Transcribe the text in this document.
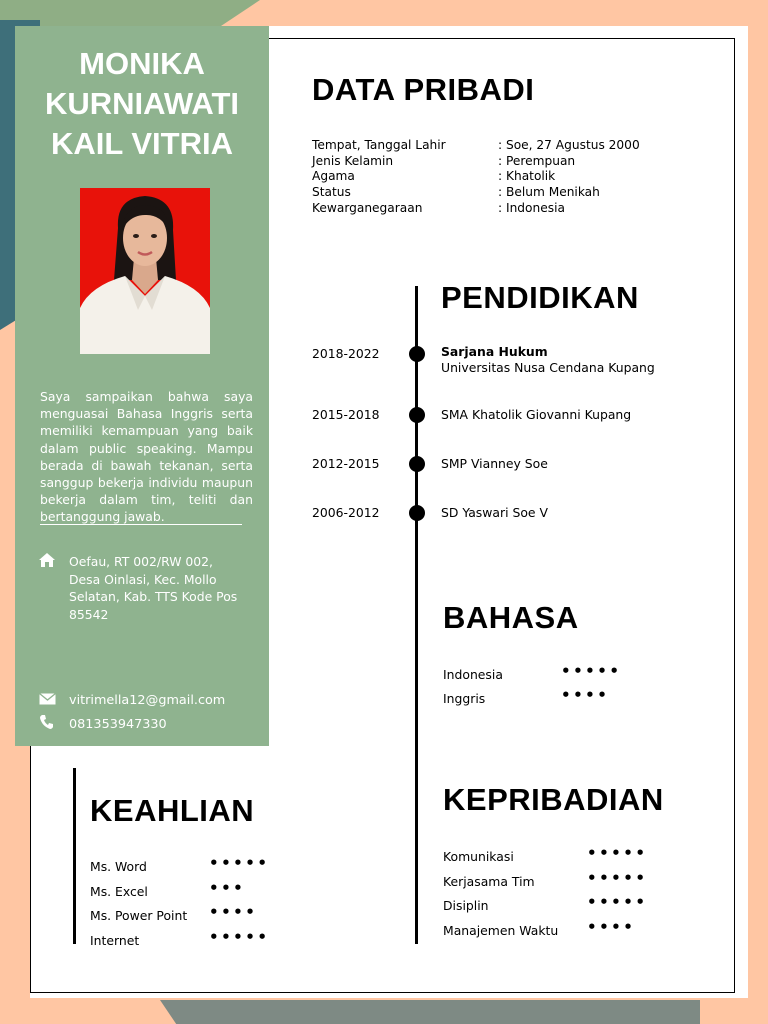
MONIKA
KURNIAWATI
KAIL VITRIA
Saya sampaikan bahwa saya menguasai Bahasa Inggris serta memiliki kemampuan yang baik dalam public speaking. Mampu berada di bawah tekanan, serta sanggup bekerja individu maupun bekerja dalam tim, teliti dan bertanggung jawab.
Oefau, RT 002/RW 002, Desa Oinlasi, Kec. Mollo Selatan, Kab. TTS Kode Pos 85542
vitrimella12@gmail.com
081353947330
DATA PRIBADI
Tempat, Tanggal Lahir	: Soe, 27 Agustus 2000
Jenis Kelamin	: Perempuan
Agama	: Khatolik
Status	: Belum Menikah
Kewarganegaraan	: Indonesia
PENDIDIKAN
2018-2022	Sarjana Hukum
Universitas Nusa Cendana Kupang
2015-2018	SMA Khatolik Giovanni Kupang
2012-2015	SMP Vianney Soe
2006-2012	SD Yaswari Soe V
BAHASA
Indonesia	•••••
Inggris	••••
KEPRIBADIAN
Komunikasi	•••••
Kerjasama Tim	•••••
Disiplin	•••••
Manajemen Waktu ••••
KEAHLIAN
Ms. Word	•••••
Ms. Excel	•••
Ms. Power Point ••••
Internet	•••••
